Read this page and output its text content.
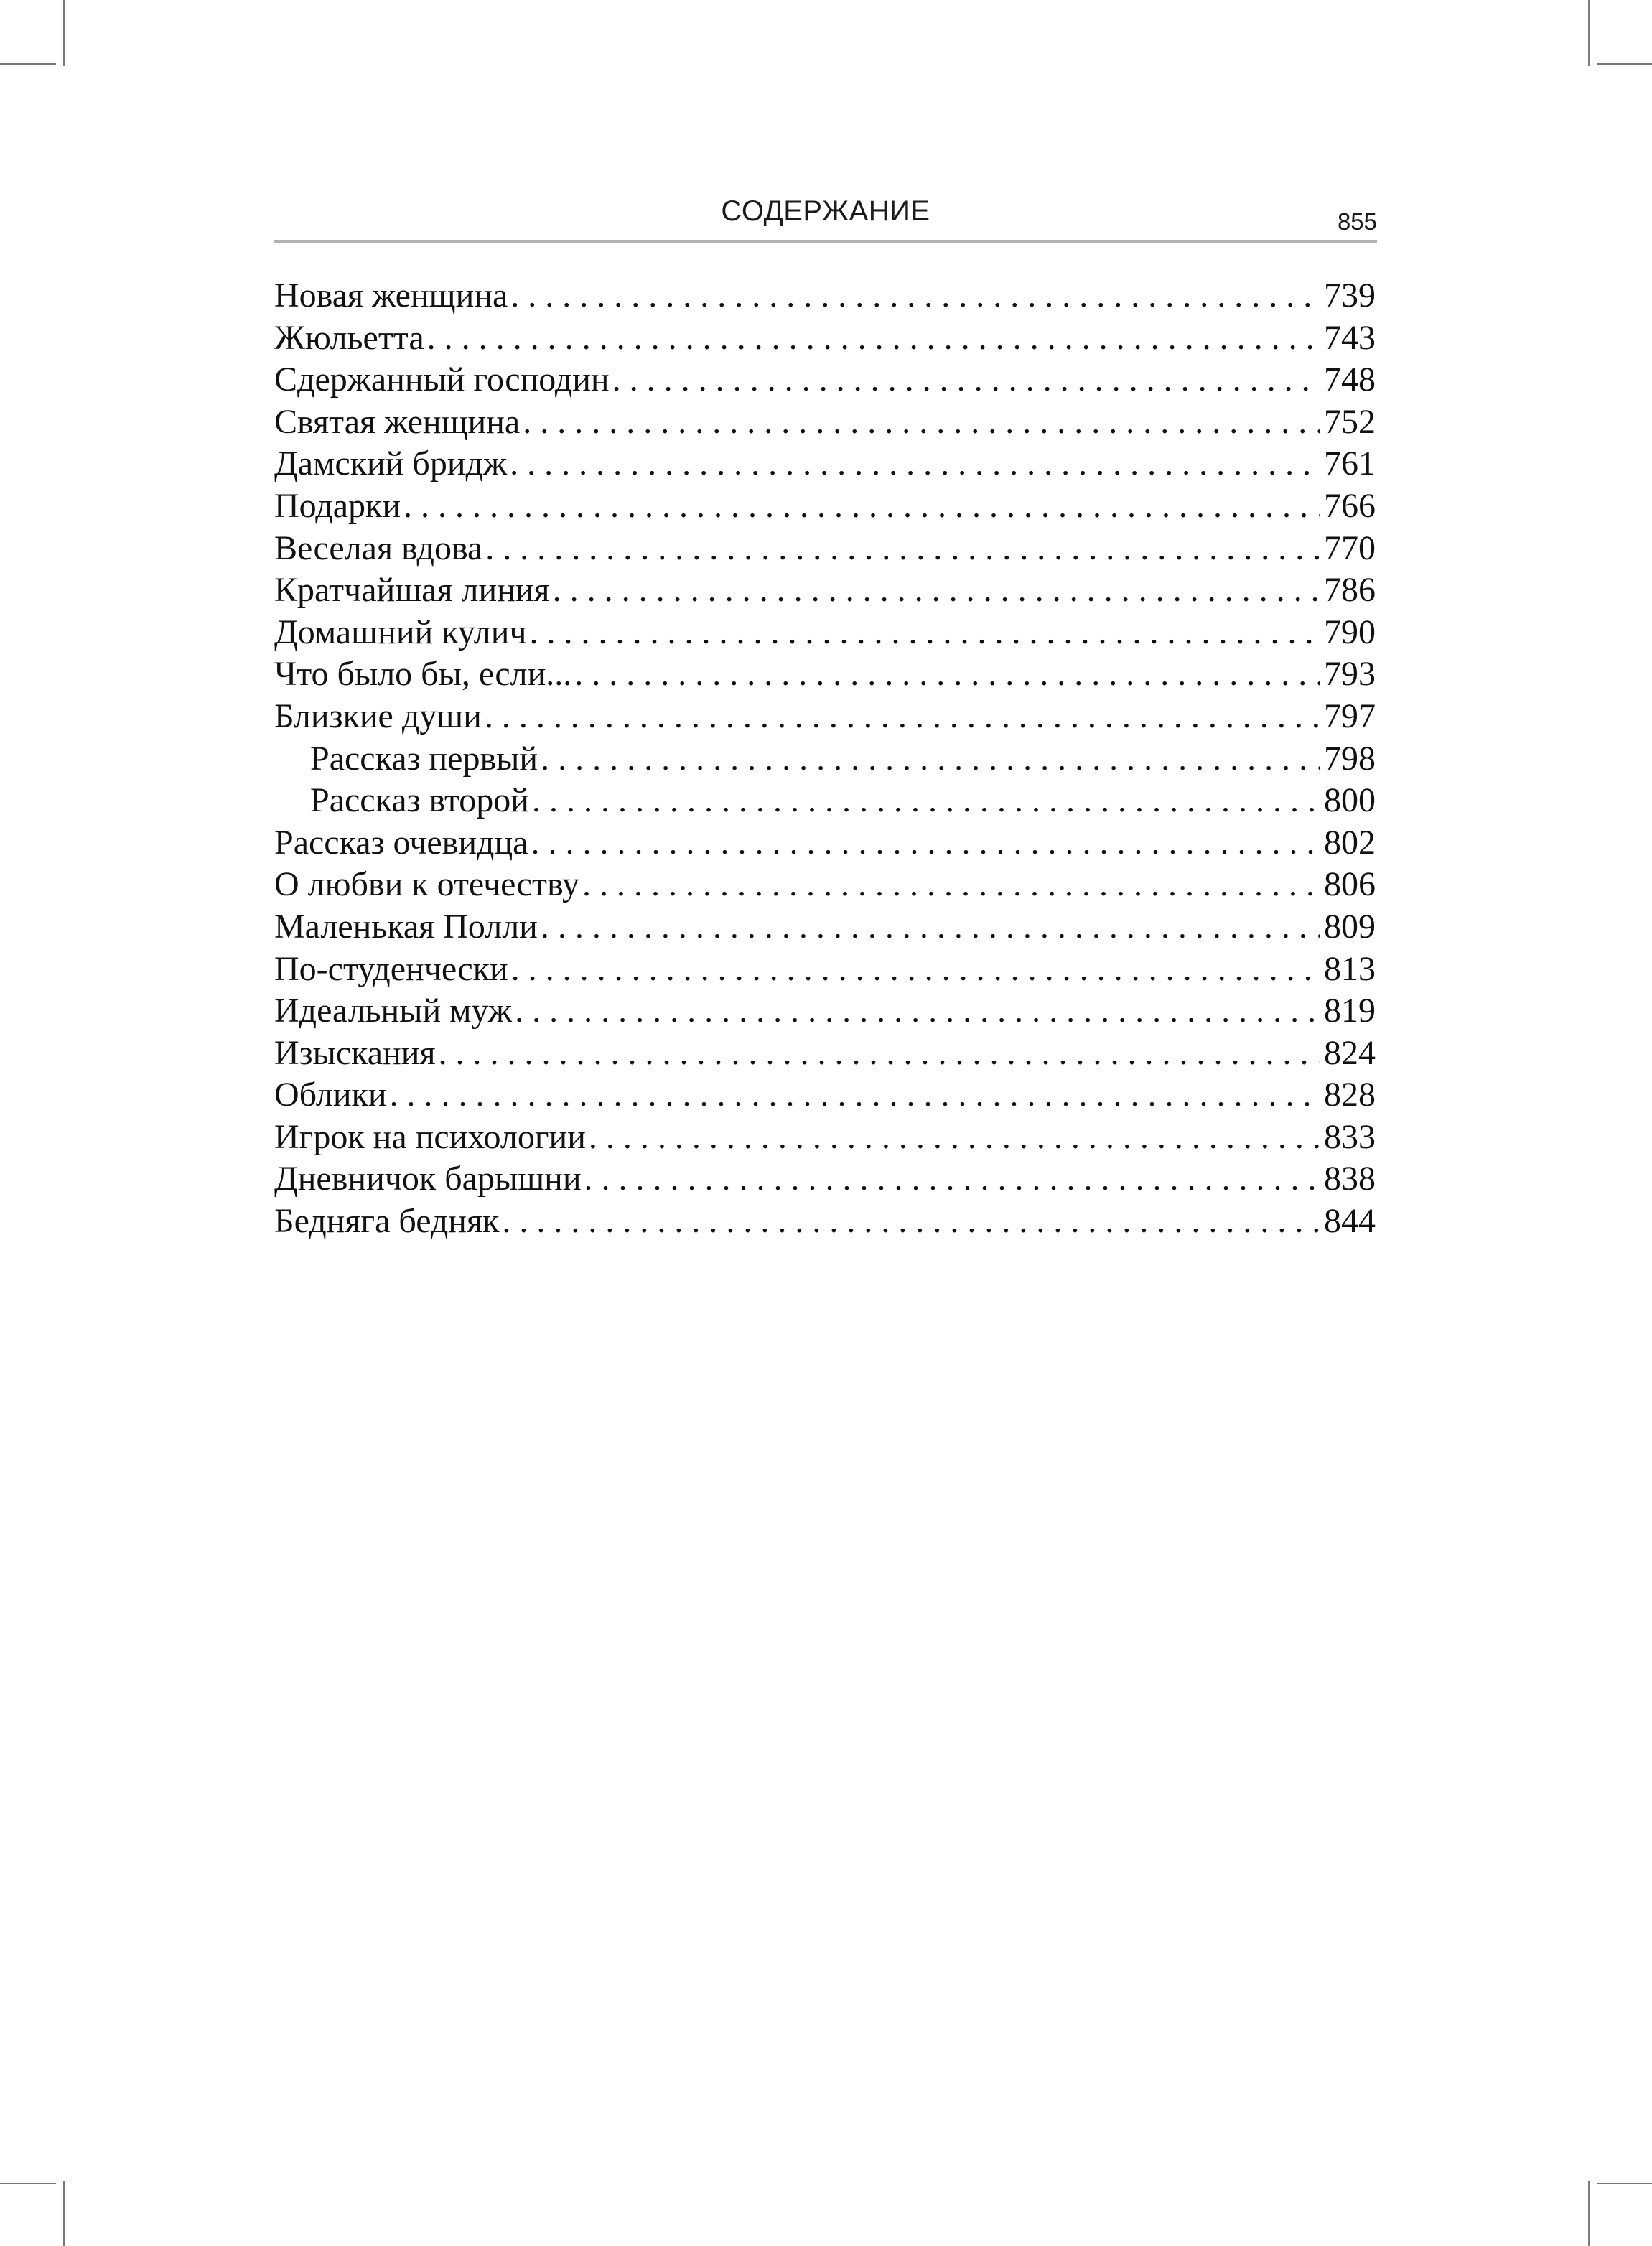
СОДЕРЖАНИЕ	855
Новая женщина . . .	739
Жюльетта . . .	743
Сдержанный господин . . .	748
Святая женщина . . .	752
Дамский бридж . . .	761
Подарки . . .	766
Веселая вдова . . .	770
Кратчайшая линия . . .	786
Домашний кулич . . .	790
Что было бы, если... . . .	793
Близкие души . . .	797
Рассказ первый . . .	798
Рассказ второй . . .	800
Рассказ очевидца . . .	802
О любви к отечеству . . .	806
Маленькая Полли . . .	809
По-студенчески . . .	813
Идеальный муж . . .	819
Изыскания . . .	824
Облики . . .	828
Игрок на психологии . . .	833
Дневничок барышни . . .	838
Бедняга бедняк . . .	844
